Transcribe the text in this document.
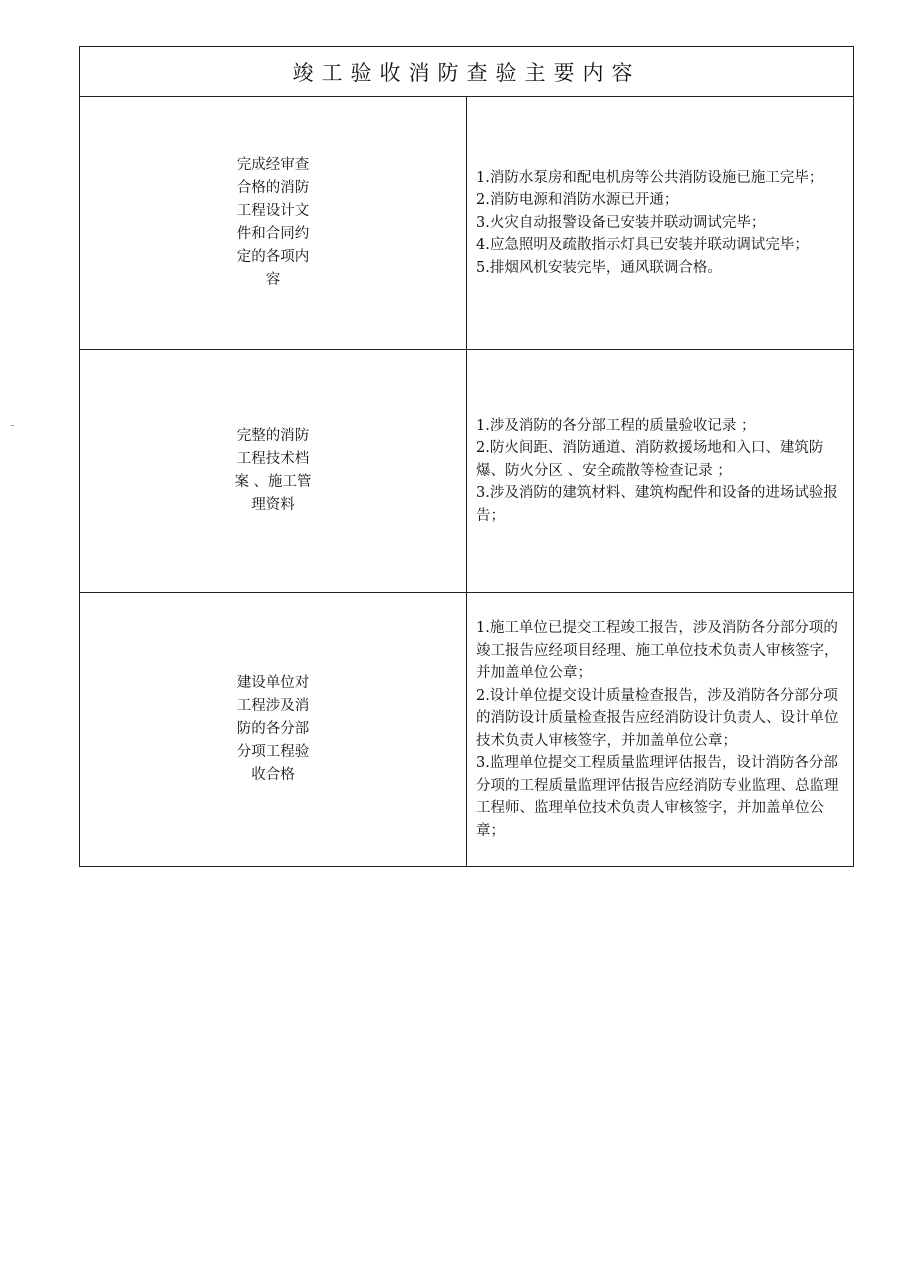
竣工验收消防查验主要内容	
完成经审查合格的消防工程设计文件和合同约定的各项内容	1.消防水泵房和配电机房等公共消防设施已施工完毕；
2.消防电源和消防水源已开通；
3.火灾自动报警设备已安装并联动调试完毕；
4.应急照明及疏散指示灯具已安装并联动调试完毕；
5.排烟风机安装完毕，通风联调合格。

完整的消防工程技术档案 、施工管理资料	1.涉及消防的各分部工程的质量验收记录 ；
2.防火间距、消防通道、消防救援场地和入口、建筑防爆、防火分区 、安全疏散等检查记录 ；
3.涉及消防的建筑材料、建筑构配件和设备的进场试验报告；

建设单位对工程涉及消防的各分部 分项工程验收合格	1.施工单位已提交工程竣工报告，涉及消防各分部分项的竣工报告应经项目经理、施工单位技术负责人审核签字，并加盖单位公章；
2.设计单位提交设计质量检查报告，涉及消防各分部分项的消防设计质量检查报告应经消防设计负责人、设计单位技术负责人审核签字，并加盖单位公章；
3.监理单位提交工程质量监理评估报告，设计消防各分部分项的工程质量监理评估报告应经消防专业监理、总监理工程师、监理单位技术负责人审核签字，并加盖单位公章；
